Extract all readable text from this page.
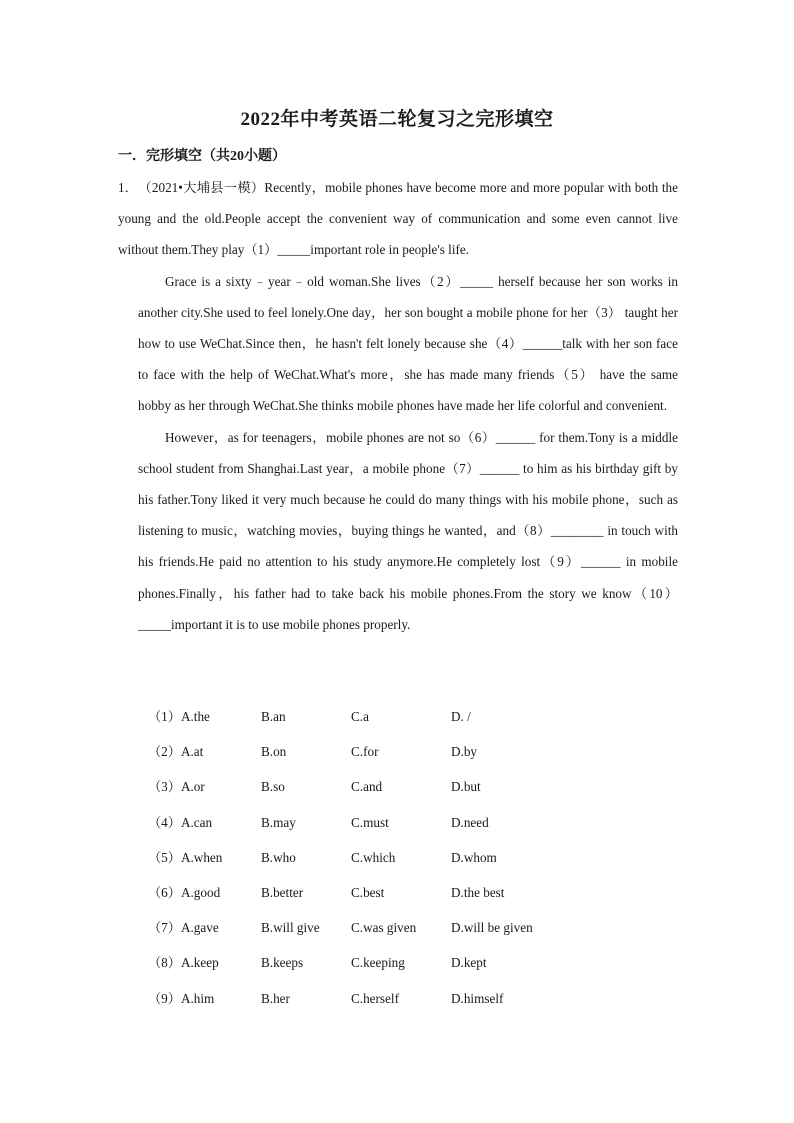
2022年中考英语二轮复习之完形填空
一．完形填空（共20小题）

1．（2021•大埔县一模）Recently，mobile phones have become more and more popular with both the young and the old.People accept the convenient way of communication and some even cannot live without them.They play（1）_____important role in people's life.

Grace is a sixty﹣year﹣old woman.She lives（2）_____ herself because her son works in another city.She used to feel lonely.One day，her son bought a mobile phone for her（3） taught her how to use WeChat.Since then，he hasn't felt lonely because she（4）______talk with her son face to face with the help of WeChat.What's more，she has made many friends（5） have the same hobby as her through WeChat.She thinks mobile phones have made her life colorful and convenient.

However，as for teenagers，mobile phones are not so（6）______ for them.Tony is a middle school student from Shanghai.Last year，a mobile phone（7）______ to him as his birthday gift by his father.Tony liked it very much because he could do many things with his mobile phone，such as listening to music，watching movies，buying things he wanted，and（8）________ in touch with his friends.He paid no attention to his study anymore.He completely lost（9）______ in mobile phones.Finally，his father had to take back his mobile phones.From the story we know（10）_____important it is to use mobile phones properly.

（1）A.the	B.an	C.a	D. /
（2）A.at	B.on	C.for	D.by
（3）A.or	B.so	C.and	D.but
（4）A.can	B.may	C.must	D.need
（5）A.when	B.who	C.which	D.whom
（6）A.good	B.better	C.best	D.the best
（7）A.gave	B.will give C.was given	D.will be given
（8）A.keep	B.keeps	C.keeping	D.kept
（9）A.him	B.her	C.herself	D.himself
